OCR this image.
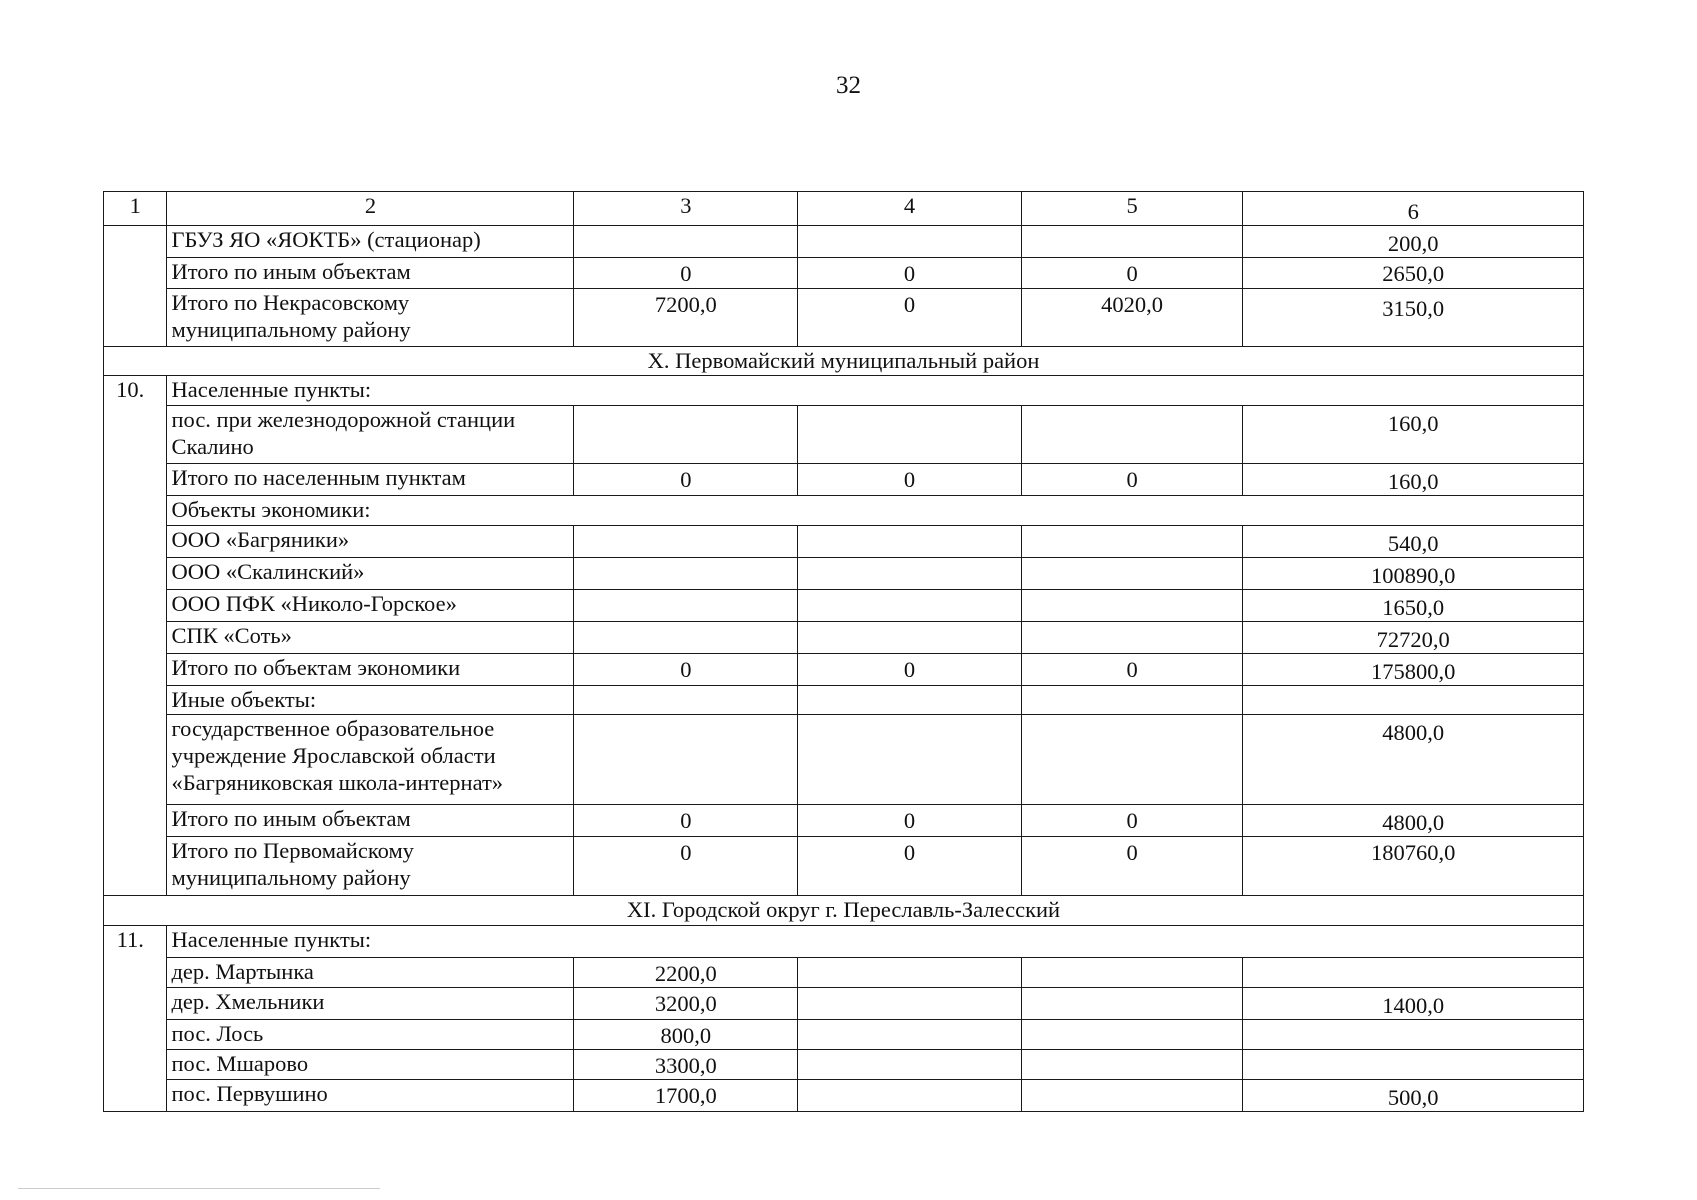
32
1	2	3	4	5	6
	ГБУЗ ЯО «ЯОКТБ» (стационар)				200,0
	Итого по иным объектам	0	0	0	2650,0
	Итого по Некрасовскому муниципальному району	7200,0	0	4020,0	3150,0
X. Первомайский муниципальный район					
10.	Населенные пункты:				
	пос. при железнодорожной станции Скалино				160,0
	Итого по населенным пунктам	0	0	0	160,0
	Объекты экономики:				
	ООО «Багряники»				540,0
	ООО «Скалинский»				100890,0
	ООО ПФК «Николо-Горское»				1650,0
	СПК «Соть»				72720,0
	Итого по объектам экономики	0	0	0	175800,0
	Иные объекты:				
	государственное образовательное учреждение Ярославской области «Багряниковская школа-интернат»				4800,0
	Итого по иным объектам	0	0	0	4800,0
	Итого по Первомайскому муниципальному району	0	0	0	180760,0
XI. Городской округ г. Переславль-Залесский					
11.	Населенные пункты:				
	дер. Мартынка	2200,0			
	дер. Хмельники	3200,0			1400,0
	пос. Лось	800,0			
	пос. Мшарово	3300,0			
	пос. Первушино	1700,0			500,0
